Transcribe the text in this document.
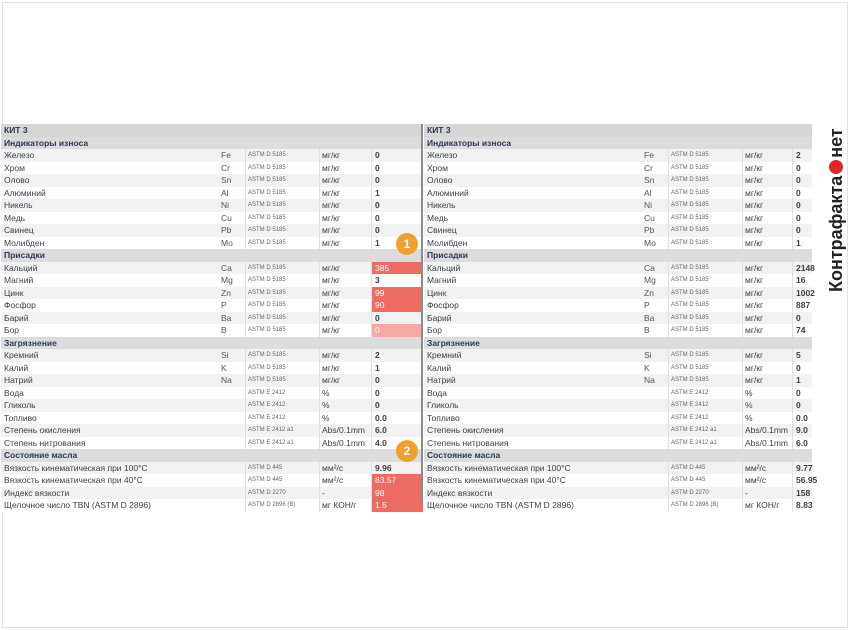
КИТ 3
Индикаторы износа
Железо	Fe	ASTM D 5185	мг/кг	0
Хром	Cr	ASTM D 5185	мг/кг	0
Олово	Sn	ASTM D 5185	мг/кг	0
Алюминий	Al	ASTM D 5185	мг/кг	1
Никель	Ni	ASTM D 5185	мг/кг	0
Медь	Cu	ASTM D 5185	мг/кг	0
Свинец	Pb	ASTM D 5185	мг/кг	0
Молибден	Mo	ASTM D 5185	мг/кг	1
Присадки
Кальций	Ca	ASTM D 5185	мг/кг	385
Магний	Mg	ASTM D 5185	мг/кг	3
Цинк	Zn	ASTM D 5185	мг/кг	99
Фосфор	P	ASTM D 5185	мг/кг	90
Барий	Ba	ASTM D 5185	мг/кг	0
Бор	B	ASTM D 5185	мг/кг	0
Загрязнение
Кремний	Si	ASTM D 5185	мг/кг	2
Калий	K	ASTM D 5185	мг/кг	1
Натрий	Na	ASTM D 5185	мг/кг	0
Вода	ASTM E 2412	%	0
Гликоль	ASTM E 2412	%	0
Топливо	ASTM E 2412	%	0.0
Степень окисления	ASTM E 2412 a1	Abs/0.1mm	6.0
Степень нитрования	ASTM E 2412 a1	Abs/0.1mm	4.0
Состояние масла
Вязкость кинематическая при 100°C	ASTM D 445	мм²/с	9.96
Вязкость кинематическая при 40°C	ASTM D 445	мм²/с	83.57
Индекс вязкости	ASTM D 2270	-	98
Щелочное число TBN (ASTM D 2896)	ASTM D 2896 (B)	мг КОН/г	1.5
КИТ 3
Индикаторы износа
Железо	Fe	ASTM D 5185	мг/кг	2
Хром	Cr	ASTM D 5185	мг/кг	0
Олово	Sn	ASTM D 5185	мг/кг	0
Алюминий	Al	ASTM D 5185	мг/кг	0
Никель	Ni	ASTM D 5185	мг/кг	0
Медь	Cu	ASTM D 5185	мг/кг	0
Свинец	Pb	ASTM D 5185	мг/кг	0
Молибден	Mo	ASTM D 5185	мг/кг	1
Присадки
Кальций	Ca	ASTM D 5185	мг/кг	2148
Магний	Mg	ASTM D 5185	мг/кг	16
Цинк	Zn	ASTM D 5185	мг/кг	1002
Фосфор	P	ASTM D 5185	мг/кг	887
Барий	Ba	ASTM D 5185	мг/кг	0
Бор	B	ASTM D 5185	мг/кг	74
Загрязнение
Кремний	Si	ASTM D 5185	мг/кг	5
Калий	K	ASTM D 5185	мг/кг	0
Натрий	Na	ASTM D 5185	мг/кг	1
Вода	ASTM E 2412	%	0
Гликоль	ASTM E 2412	%	0
Топливо	ASTM E 2412	%	0.0
Степень окисления	ASTM E 2412 a1	Abs/0.1mm 9.0
Степень нитрования	ASTM E 2412 a1	Abs/0.1mm 6.0
Состояние масла
Вязкость кинематическая при 100°C	ASTM D 445	мм²/с	9.77
Вязкость кинематическая при 40°C	ASTM D 445	мм²/с	56.95
Индекс вязкости	ASTM D 2270	-	158
Щелочное число TBN (ASTM D 2896)	ASTM D 2896 (B)	мг КОН/г	8.83
1
2
Контрафактанет
